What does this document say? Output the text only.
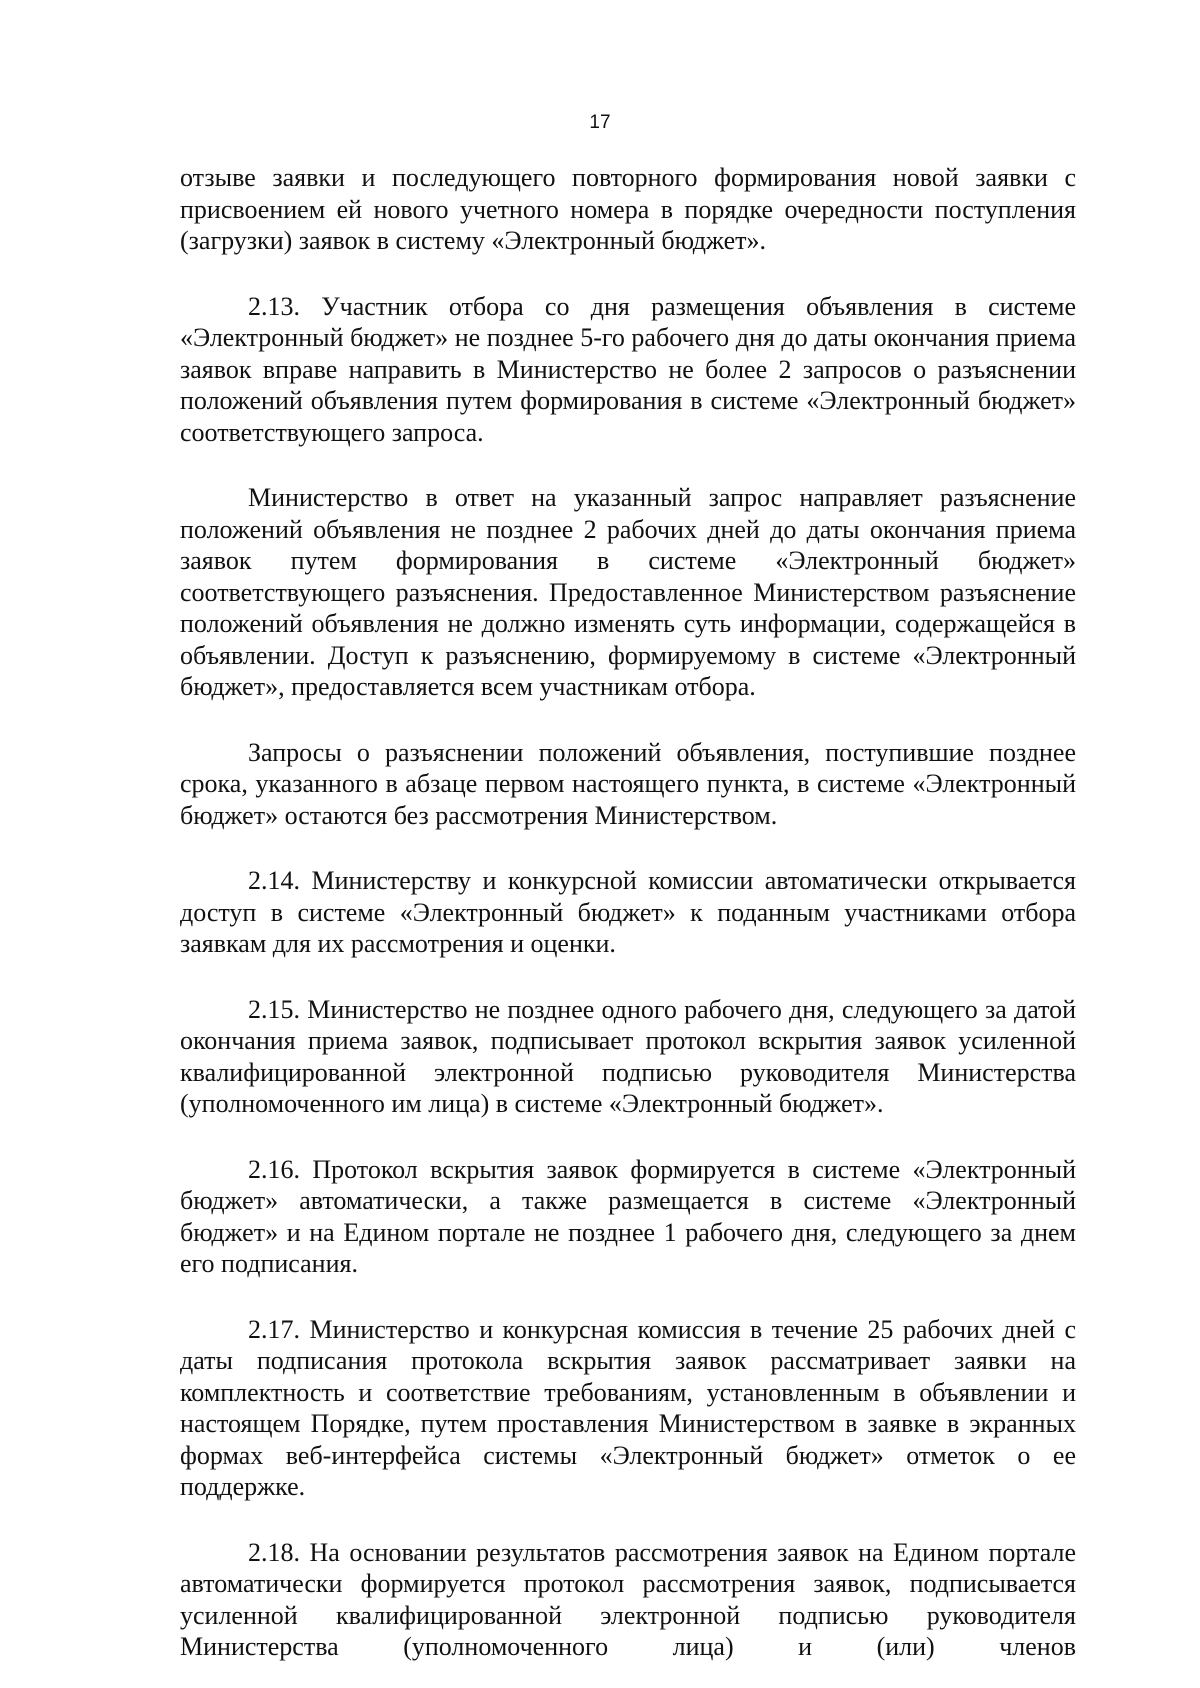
17

отзыве заявки и последующего повторного формирования новой заявки с присвоением ей нового учетного номера в порядке очередности поступления (загрузки) заявок в систему «Электронный бюджет».

2.13. Участник отбора со дня размещения объявления в системе «Электронный бюджет» не позднее 5-го рабочего дня до даты окончания приема заявок вправе направить в Министерство не более 2 запросов о разъяснении положений объявления путем формирования в системе «Электронный бюджет» соответствующего запроса.

Министерство в ответ на указанный запрос направляет разъяснение положений объявления не позднее 2 рабочих дней до даты окончания приема заявок путем формирования в системе «Электронный бюджет» соответствующего разъяснения. Предоставленное Министерством разъяснение положений объявления не должно изменять суть информации, содержащейся в объявлении. Доступ к разъяснению, формируемому в системе «Электронный бюджет», предоставляется всем участникам отбора.

Запросы о разъяснении положений объявления, поступившие позднее срока, указанного в абзаце первом настоящего пункта, в системе «Электронный бюджет» остаются без рассмотрения Министерством.

2.14. Министерству и конкурсной комиссии автоматически открывается доступ в системе «Электронный бюджет» к поданным участниками отбора заявкам для их рассмотрения и оценки.

2.15. Министерство не позднее одного рабочего дня, следующего за датой окончания приема заявок, подписывает протокол вскрытия заявок усиленной квалифицированной электронной подписью руководителя Министерства (уполномоченного им лица) в системе «Электронный бюджет».

2.16. Протокол вскрытия заявок формируется в системе «Электронный бюджет» автоматически, а также размещается в системе «Электронный бюджет» и на Едином портале не позднее 1 рабочего дня, следующего за днем его подписания.

2.17. Министерство и конкурсная комиссия в течение 25 рабочих дней с даты подписания протокола вскрытия заявок рассматривает заявки на комплектность и соответствие требованиям, установленным в объявлении и настоящем Порядке, путем проставления Министерством в заявке в экранных формах веб-интерфейса системы «Электронный бюджет» отметок о ее поддержке.

2.18. На основании результатов рассмотрения заявок на Едином портале автоматически формируется протокол рассмотрения заявок, подписывается усиленной квалифицированной электронной подписью руководителя Министерства (уполномоченного лица) и (или) членов
